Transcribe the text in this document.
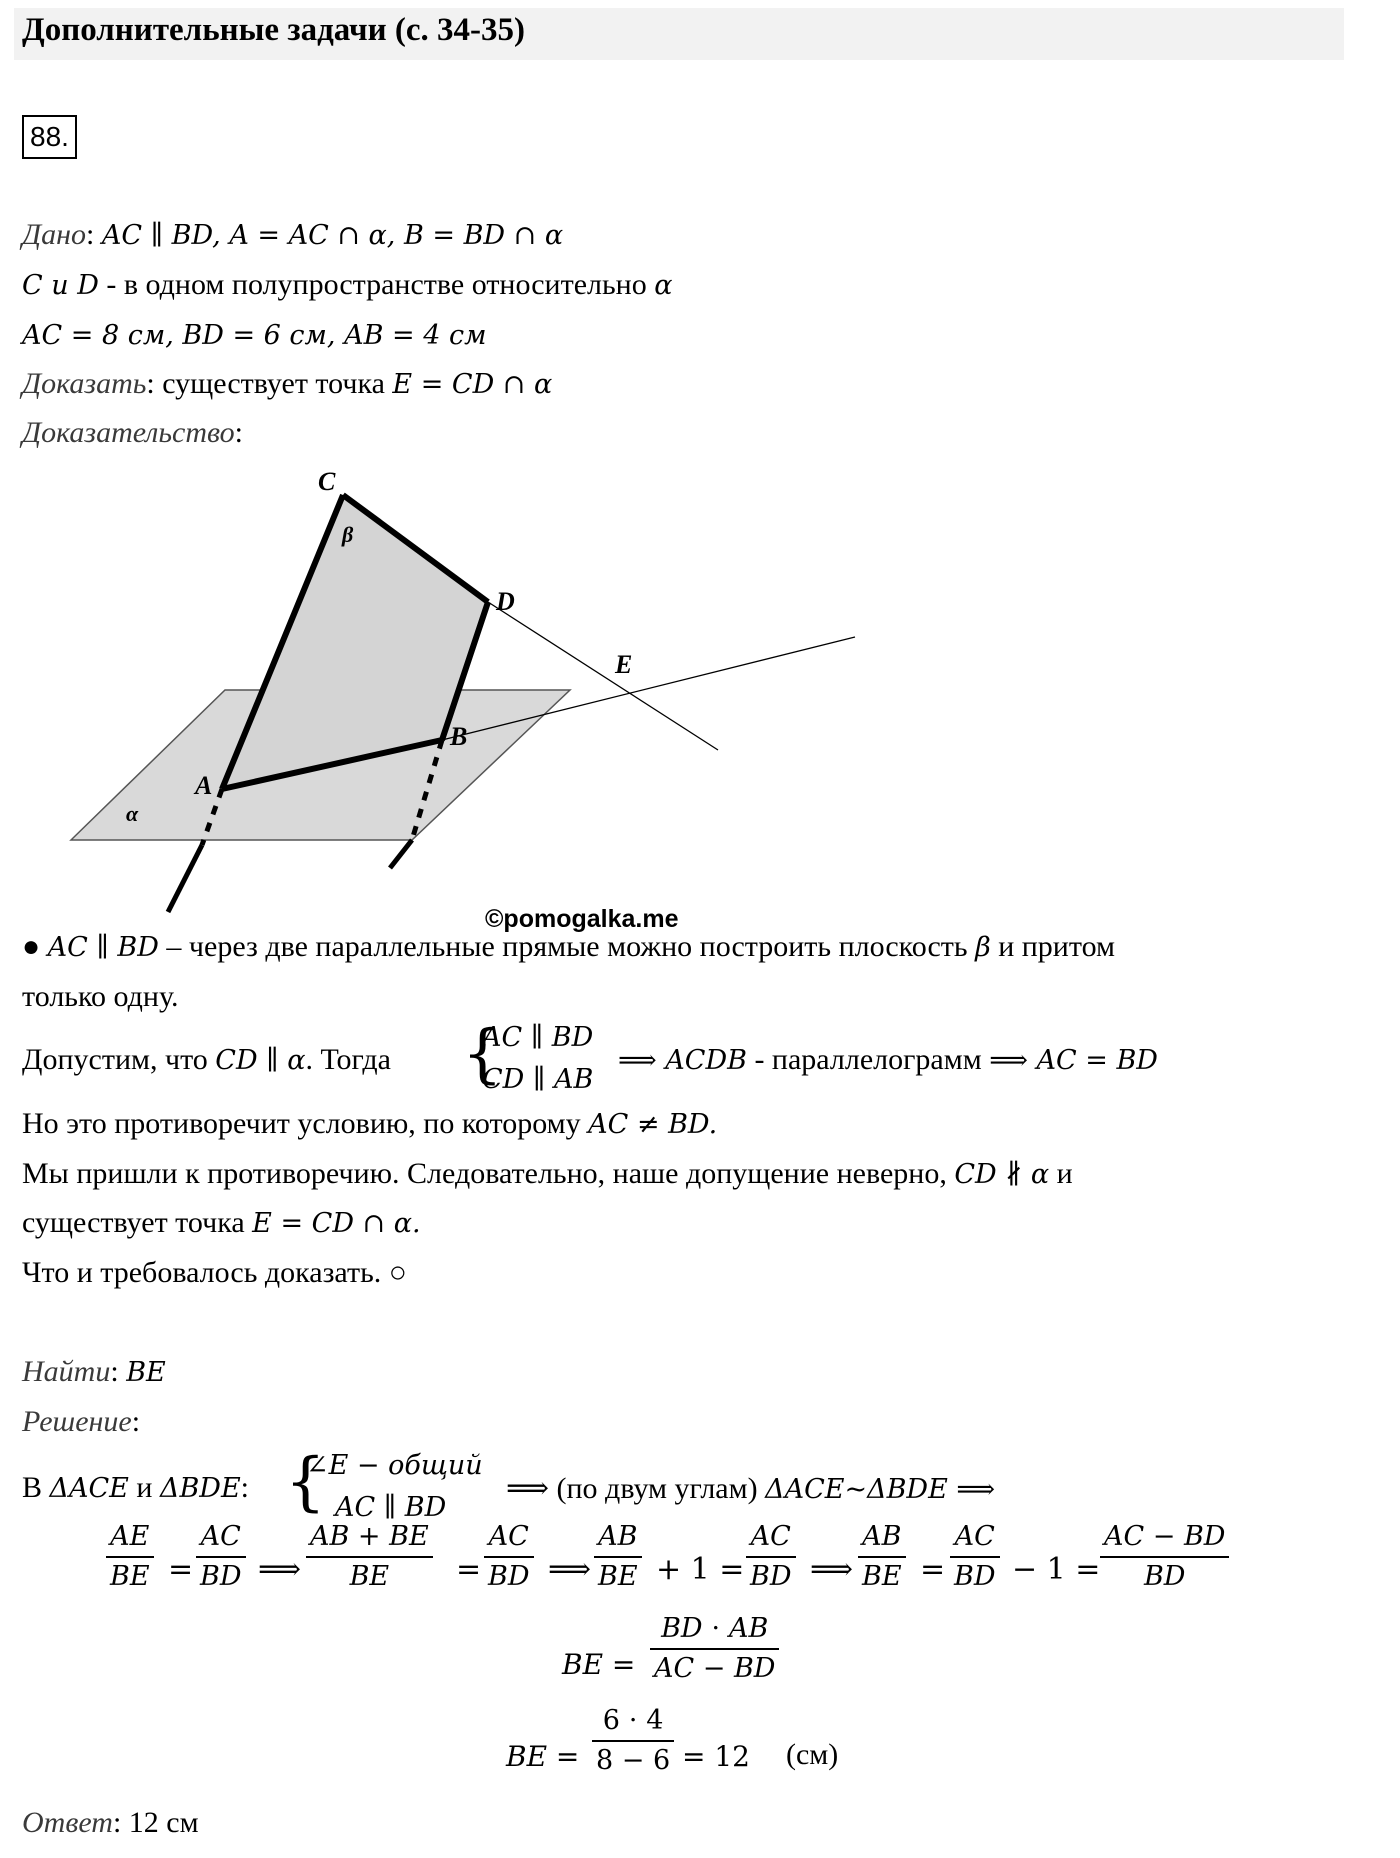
Дополнительные задачи (с. 34-35)
88.
Дано: AC ∥ BD, A = AC ∩ α, B = BD ∩ α
C и D - в одном полупространстве относительно α
AC = 8 см, BD = 6 см, AB = 4 см
Доказать: существует точка E = CD ∩ α
Доказательство:
C
β
D
E
B
A
α
©pomogalka.me
● AC ∥ BD – через две параллельные прямые можно построить плоскость β и притом
только одну.
Допустим, что CD ∥ α. Тогда {
AC ∥ BD
CD ∥ AB
⟹ ACDB - параллелограмм ⟹ AC = BD
Но это противоречит условию, по которому AC ≠ BD.
Мы пришли к противоречию. Следовательно, наше допущение неверно, CD ∦ α и
существует точка E = CD ∩ α.
Что и требовалось доказать. ○
Найти: BE
Решение:
В ΔACE и ΔBDE: {
∠E − общий
AC ∥ BD
⟹ (по двум углам) ΔACE~ΔBDE ⟹
$\frac{AE}{BE} = \frac{AC}{BD}$ ⟹ $\frac{AB + BE}{BE} = \frac{AC}{BD}$ ⟹ $\frac{AB}{BE} + 1 = \frac{AC}{BD}$ ⟹ $\frac{AB}{BE} = \frac{AC}{BD} - 1 = \frac{AC - BD}{BD}$
BE = $\frac{BD \cdot AB}{AC - BD}$
BE = $\frac{6 \cdot 4}{8 - 6} = 12$ (см)
Ответ: 12 см
